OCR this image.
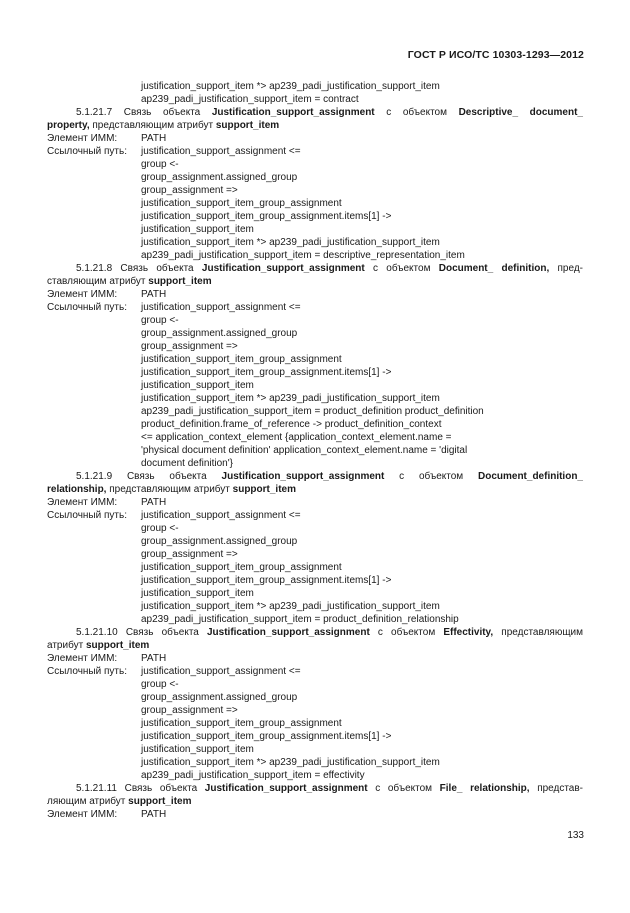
ГОСТ Р ИСО/ТС 10303-1293—2012
justification_support_item *> ap239_padi_justification_support_item
ap239_padi_justification_support_item = contract
5.1.21.7 Связь объекта Justification_support_assignment с объектом Descriptive_ document_
property, представляющим атрибут support_item
Элемент ИММ: PATH
Ссылочный путь: justification_support_assignment <=
group <-
group_assignment.assigned_group
group_assignment =>
justification_support_item_group_assignment
justification_support_item_group_assignment.items[1] ->
justification_support_item
justification_support_item *> ap239_padi_justification_support_item
ap239_padi_justification_support_item = descriptive_representation_item
5.1.21.8 Связь объекта Justification_support_assignment с объектом Document_ definition, пред-
ставляющим атрибут support_item
Элемент ИММ: PATH
Ссылочный путь: justification_support_assignment <=
group <-
group_assignment.assigned_group
group_assignment =>
justification_support_item_group_assignment
justification_support_item_group_assignment.items[1] ->
justification_support_item
justification_support_item *> ap239_padi_justification_support_item
ap239_padi_justification_support_item = product_definition product_definition
product_definition.frame_of_reference -> product_definition_context
<= application_context_element {application_context_element.name =
'physical document definition' application_context_element.name = 'digital
document definition'}
5.1.21.9 Связь объекта Justification_support_assignment с объектом Document_definition_
relationship, представляющим атрибут support_item
Элемент ИММ: PATH
Ссылочный путь: justification_support_assignment <=
group <-
group_assignment.assigned_group
group_assignment =>
justification_support_item_group_assignment
justification_support_item_group_assignment.items[1] ->
justification_support_item
justification_support_item *> ap239_padi_justification_support_item
ap239_padi_justification_support_item = product_definition_relationship
5.1.21.10 Связь объекта Justification_support_assignment с объектом Effectivity, представляющим
атрибут support_item
Элемент ИММ: PATH
Ссылочный путь: justification_support_assignment <=
group <-
group_assignment.assigned_group
group_assignment =>
justification_support_item_group_assignment
justification_support_item_group_assignment.items[1] ->
justification_support_item
justification_support_item *> ap239_padi_justification_support_item
ap239_padi_justification_support_item = effectivity
5.1.21.11 Связь объекта Justification_support_assignment с объектом File_ relationship, представ-
ляющим атрибут support_item
Элемент ИММ: PATH
133
